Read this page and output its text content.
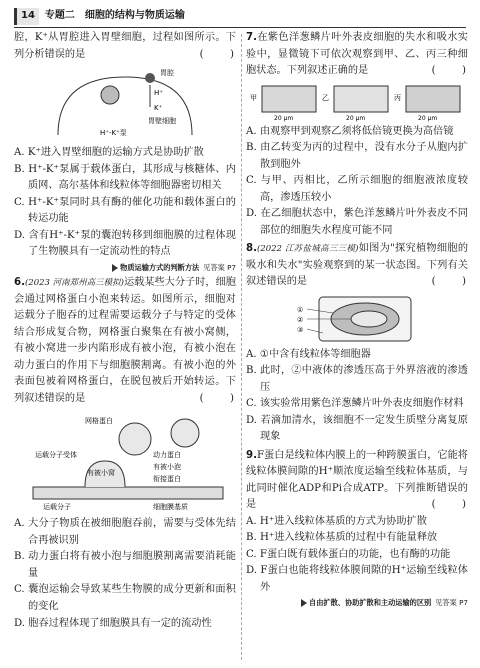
14	专题二　细胞的结构与物质运输

腔，K⁺从胃腔进入胃壁细胞，过程如图所示。下列分析错误的是	(　　)

胃腔
H⁺
K⁺
胃壁细胞
H⁺-K⁺泵

A. K⁺进入胃壁细胞的运输方式是协助扩散

B. H⁺-K⁺泵属于载体蛋白，其形成与核糖体、内质网、高尔基体和线粒体等细胞器密切相关

C. H⁺-K⁺泵同时具有酶的催化功能和载体蛋白的转运功能

D. 含有H⁺-K⁺泵的囊泡转移到细胞膜的过程体现了生物膜具有一定流动性的特点

物质运输方式的判断方法 见答案 P7

6.(2023 河南郑州高三模拟)运载某些大分子时，细胞会通过网格蛋白小泡来转运。如图所示，细胞对运载分子胞吞的过程需要运载分子与特定的受体结合形成复合物，网格蛋白聚集在有被小窝侧，有被小窝进一步内陷形成有被小泡，有被小泡在动力蛋白的作用下与细胞膜割离。有被小泡的外表面包被着网格蛋白，在脱包被后开始转运。下列叙述错误的是	(　　)

网格蛋白
运载分子受体	动力蛋白
有被小泡
有被小窝
衔接蛋白
运载分子	细胞膜基质

A. 大分子物质在被细胞胞吞前，需要与受体先结合再被识别

B. 动力蛋白将有被小泡与细胞膜割离需要消耗能量

C. 囊泡运输会导致某些生物膜的成分更新和面积的变化

D. 胞吞过程体现了细胞膜具有一定的流动性

7.在紫色洋葱鳞片叶外表皮细胞的失水和吸水实验中，显微镜下可依次观察到甲、乙、丙三种细胞状态。下列叙述正确的是	(　　)

甲	乙	丙
20 μm	20 μm	20 μm

A. 由观察甲到观察乙须将低倍镜更换为高倍镜

B. 由乙转变为丙的过程中，没有水分子从胞内扩散到胞外

C. 与甲、丙相比，乙所示细胞的细胞液浓度较高，渗透压较小

D. 在乙细胞状态中，紫色洋葱鳞片叶外表皮不同部位的细胞失水程度可能不同

8.(2022 江苏盐城高三三模)如图为"探究植物细胞的吸水和失水"实验观察到的某一状态图。下列有关叙述错误的是	(　　)

①
②
③

A. ①中含有线粒体等细胞器

B. 此时，②中液体的渗透压高于外界溶液的渗透压

C. 该实验常用紫色洋葱鳞片叶外表皮细胞作材料

D. 若滴加清水，该细胞不一定发生质壁分离复原现象

9.F蛋白是线粒体内膜上的一种跨膜蛋白，它能将线粒体膜间隙的H⁺顺浓度运输至线粒体基质，与此同时催化ADP和Pi合成ATP。下列推断错误的是	(　　)

A. H⁺进入线粒体基质的方式为协助扩散

B. H⁺进入线粒体基质的过程中有能量释放

C. F蛋白既有载体蛋白的功能，也有酶的功能

D. F蛋白也能将线粒体膜间隙的H⁺运输至线粒体外

自由扩散、协助扩散和主动运输的区别 见答案 P7
